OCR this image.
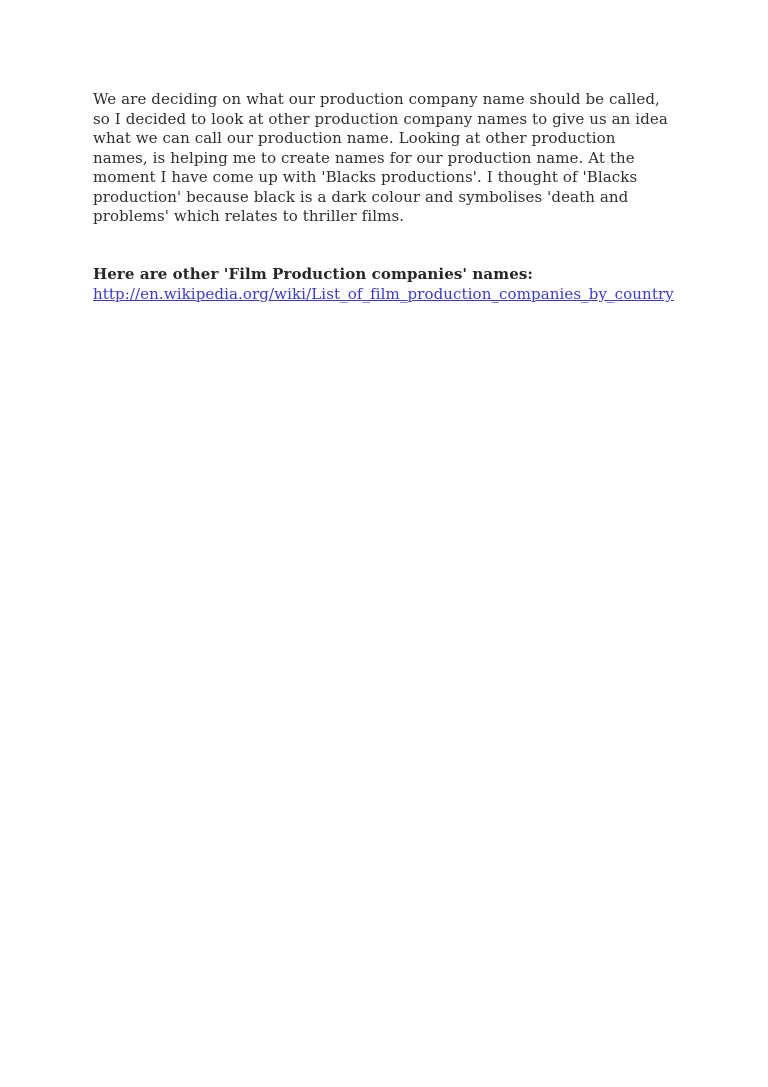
We are deciding on what our production company name should be called, so I decided to look at other production company names to give us an idea what we can call our production name. Looking at other production names, is helping me to create names for our production name. At the moment I have come up with 'Blacks productions'. I thought of 'Blacks production' because black is a dark colour and symbolises 'death and problems' which relates to thriller films.

Here are other 'Film Production companies' names:

http://en.wikipedia.org/wiki/List_of_film_production_companies_by_country
